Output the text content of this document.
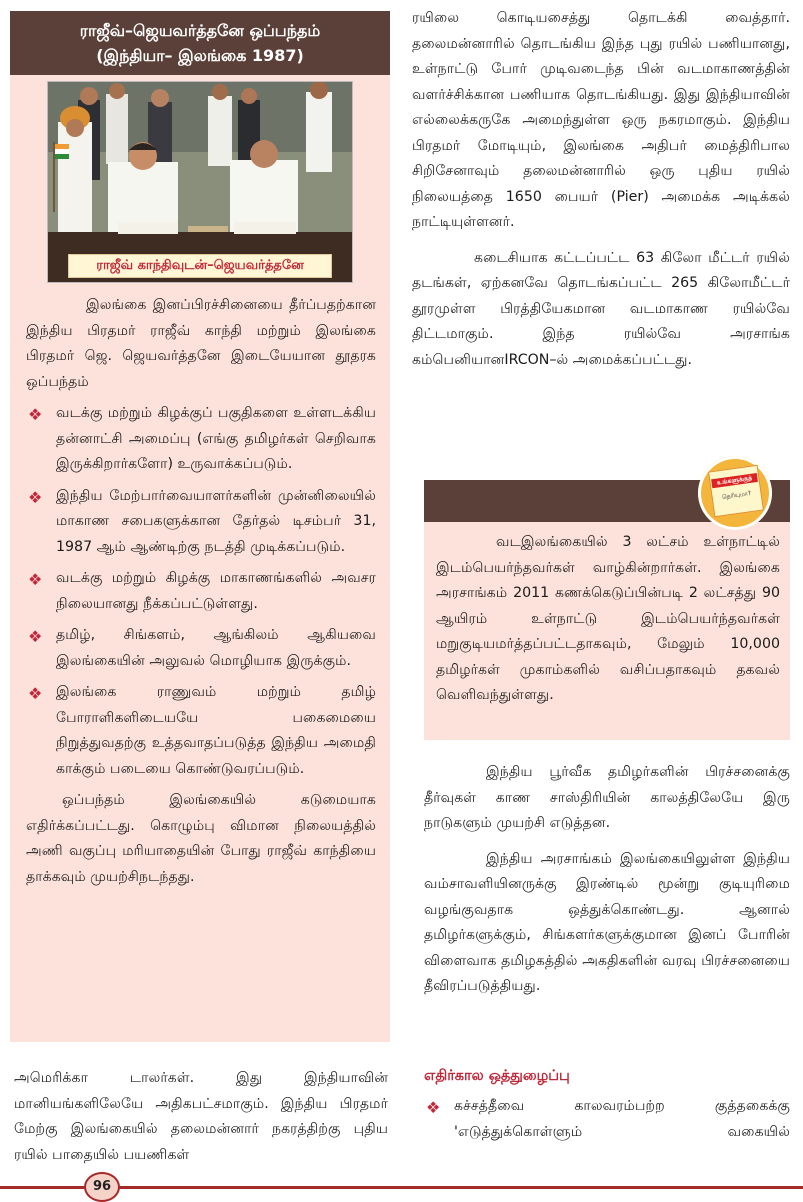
ராஜீவ்–ஜெயவர்த்தனே ஒப்பந்தம்
(இந்தியா– இலங்கை 1987)
ராஜீவ் காந்திவுடன்–ஜெயவர்த்தனே

இலங்கை இனப்பிரச்சினையை தீர்ப்பதற்கான இந்திய பிரதமர் ராஜீவ் காந்தி மற்றும் இலங்கை பிரதமர் ஜெ. ஜெயவர்த்தனே இடையேயான தூதரக ஒப்பந்தம்

❖ வடக்கு மற்றும் கிழக்குப் பகுதிகளை உள்ளடக்கிய தன்னாட்சி அமைப்பு (எங்கு தமிழர்கள் செறிவாக இருக்கிறார்களோ) உருவாக்கப்படும்.
❖ இந்திய மேற்பார்வையாளர்களின் முன்னிலையில் மாகாண சபைகளுக்கான தேர்தல் டிசம்பர் 31, 1987 ஆம் ஆண்டிற்கு நடத்தி முடிக்கப்படும்.
❖ வடக்கு மற்றும் கிழக்கு மாகாணங்களில் அவசர நிலையானது நீக்கப்பட்டுள்ளது.
❖ தமிழ், சிங்களம், ஆங்கிலம் ஆகியவை இலங்கையின் அலுவல் மொழியாக இருக்கும்.
❖ இலங்கை ராணுவம் மற்றும் தமிழ் போராளிகளிடையயே பகைமையை நிறுத்துவதற்கு உத்தவாதப்படுத்த இந்திய அமைதி காக்கும் படையை கொண்டுவரப்படும்.

ஒப்பந்தம் இலங்கையில் கடுமையாக எதிர்க்கப்பட்டது. கொழும்பு விமான நிலையத்தில் அணி வகுப்பு மரியாதையின் போது ராஜீவ் காந்தியை தாக்கவும் முயற்சிநடந்தது.

அமெரிக்கா டாலர்கள். இது இந்தியாவின் மானியங்களிலேயே அதிகபட்சமாகும். இந்திய பிரதமர் மேற்கு இலங்கையில் தலைமன்னார் நகரத்திற்கு புதிய ரயில் பாதையில் பயணிகள்

ரயிலை கொடியசைத்து தொடக்கி வைத்தார். தலைமன்னாரில் தொடங்கிய இந்த புது ரயில் பணியானது, உள்நாட்டு போர் முடிவடைந்த பின் வடமாகாணத்தின் வளர்ச்சிக்கான பணியாக தொடங்கியது. இது இந்தியாவின் எல்லைக்கருகே அமைந்துள்ள ஒரு நகரமாகும். இந்திய பிரதமர் மோடியும், இலங்கை அதிபர் மைத்திரிபால சிறிசேனாவும் தலைமன்னாரில் ஒரு புதிய ரயில் நிலையத்தை 1650 பையர் (Pier) அமைக்க அடிக்கல் நாட்டியுள்ளனர்.

கடைசியாக கட்டப்பட்ட 63 கிலோ மீட்டர் ரயில் தடங்கள், ஏற்கனவே தொடங்கப்பட்ட 265 கிலோமீட்டர் தூரமுள்ள பிரத்தியேகமான வடமாகாண ரயில்வே திட்டமாகும். இந்த ரயில்வே அரசாங்க கம்பெனியானIRCON–ல் அமைக்கப்பட்டது.

உங்களுக்குத்
தெரியுமா?

வடஇலங்கையில் 3 லட்சம் உள்நாட்டில் இடம்பெயர்ந்தவர்கள் வாழ்கின்றார்கள். இலங்கை அரசாங்கம் 2011 கணக்கெடுப்பின்படி 2 லட்சத்து 90 ஆயிரம் உள்நாட்டு இடம்பெயர்ந்தவர்கள் மறுகுடியமர்த்தப்பட்டதாகவும், மேலும் 10,000 தமிழர்கள் முகாம்களில் வசிப்பதாகவும் தகவல் வெளிவந்துள்ளது.

இந்திய பூர்வீக தமிழர்களின் பிரச்சனைக்கு தீர்வுகள் காண சாஸ்திரியின் காலத்திலேயே இரு நாடுகளும் முயற்சி எடுத்தன.

இந்திய அரசாங்கம் இலங்கையிலுள்ள இந்திய வம்சாவளியினருக்கு இரண்டில் மூன்று குடியுரிமை வழங்குவதாக ஒத்துக்கொண்டது. ஆனால் தமிழர்களுக்கும், சிங்களர்களுக்குமான இனப் போரின் விளைவாக தமிழகத்தில் அகதிகளின் வரவு பிரச்சனையை தீவிரப்படுத்தியது.

எதிர்கால ஒத்துழைப்பு
❖ கச்சத்தீவை காலவரம்பற்ற குத்தகைக்கு 'எடுத்துக்கொள்ளும் வகையில்
96
